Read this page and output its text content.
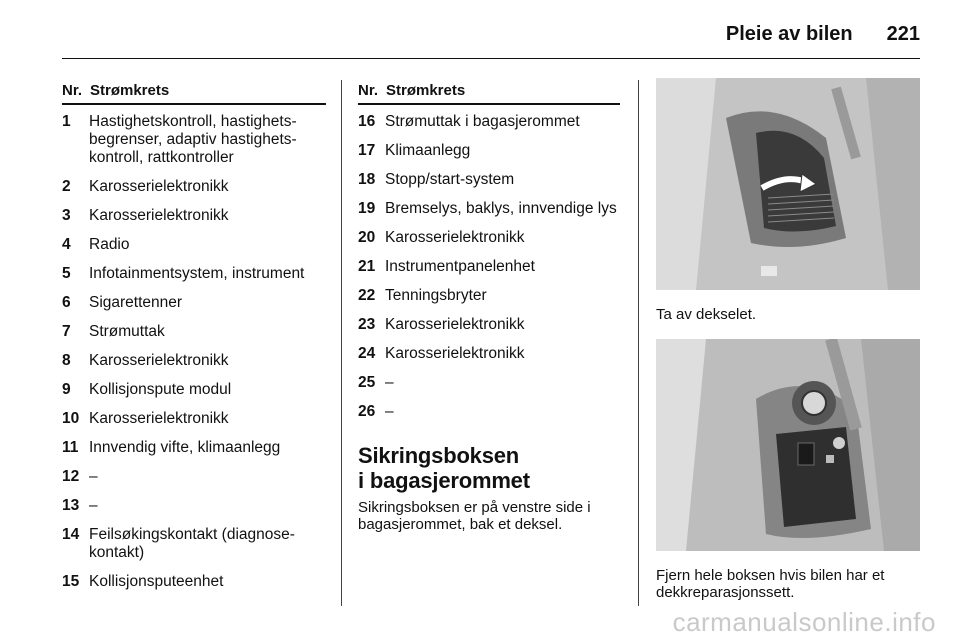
Pleie av bilen 221
Nr. Strømkrets
1	Hastighetskontroll, hastighets-begrenser, adaptiv hastighets-kontroll, rattkontroller
2	Karosserielektronikk
3	Karosserielektronikk
4	Radio
5	Infotainmentsystem, instrument
6	Sigarettenner
7	Strømuttak
8	Karosserielektronikk
9	Kollisjonspute modul
10 Karosserielektronikk
11 Innvendig vifte, klimaanlegg
12 –
13 –
14 Feilsøkingskontakt (diagnose-kontakt)
15 Kollisjonsputeenhet
Nr. Strømkrets
16 Strømuttak i bagasjerommet
17 Klimaanlegg
18 Stopp/start-system
19 Bremselys, baklys, innvendige lys
20 Karosserielektronikk
21 Instrumentpanelenhet
22 Tenningsbryter
23 Karosserielektronikk
24 Karosserielektronikk
25 –
26 –
Sikringsboksen
i bagasjerommet
Sikringsboksen er på venstre side i bagasjerommet, bak et deksel.
Ta av dekselet.
Fjern hele boksen hvis bilen har et dekkreparasjonssett.
carmanualsonline.info
